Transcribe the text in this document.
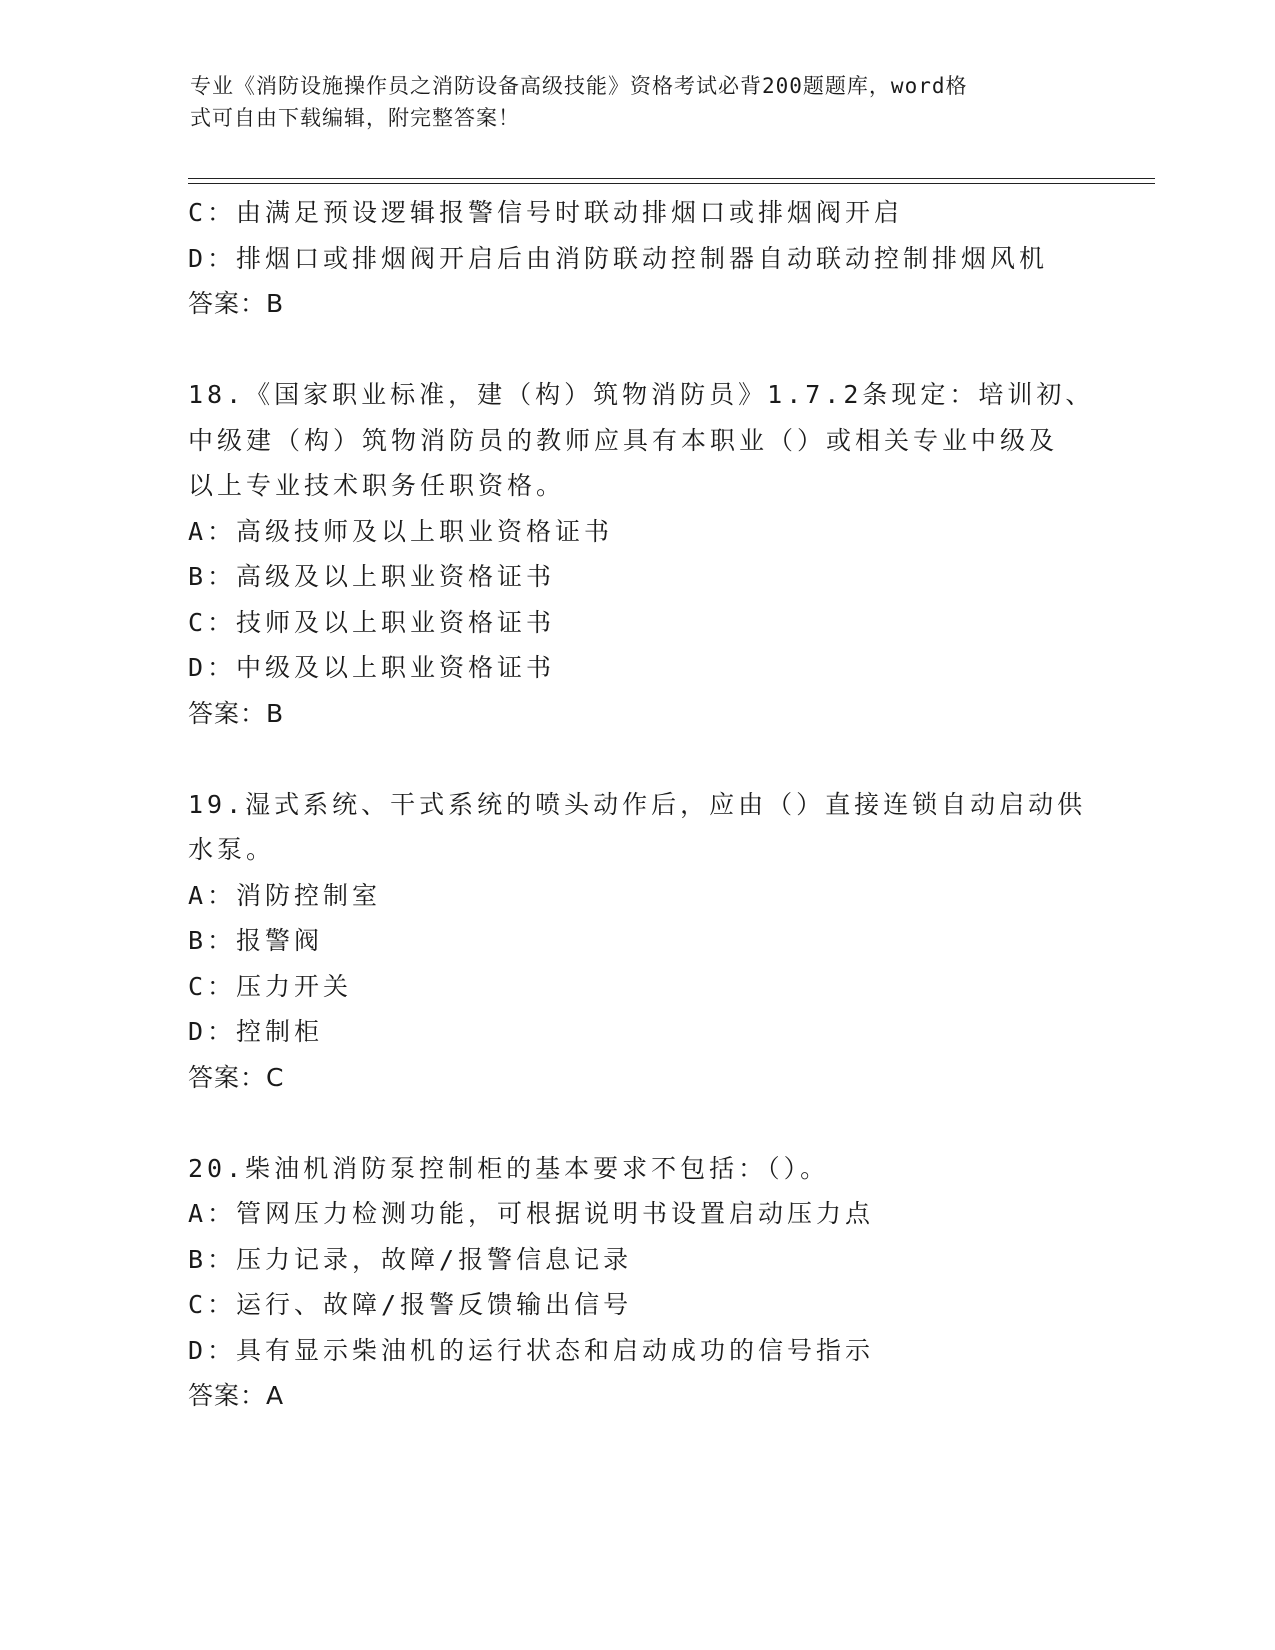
专业《消防设施操作员之消防设备高级技能》资格考试必背200题题库，word格
式可自由下载编辑，附完整答案！
C：由满足预设逻辑报警信号时联动排烟口或排烟阀开启
D：排烟口或排烟阀开启后由消防联动控制器自动联动控制排烟风机
答案：B
18.《国家职业标准，建（构）筑物消防员》1.7.2条现定：培训初、
中级建（构）筑物消防员的教师应具有本职业（）或相关专业中级及
以上专业技术职务任职资格。
A：高级技师及以上职业资格证书
B：高级及以上职业资格证书
C：技师及以上职业资格证书
D：中级及以上职业资格证书
答案：B
19.湿式系统、干式系统的喷头动作后，应由（）直接连锁自动启动供
水泵。
A：消防控制室
B：报警阀
C：压力开关
D：控制柜
答案：C
20.柴油机消防泵控制柜的基本要求不包括：（）。
A：管网压力检测功能，可根据说明书设置启动压力点
B：压力记录，故障/报警信息记录
C：运行、故障/报警反馈输出信号
D：具有显示柴油机的运行状态和启动成功的信号指示
答案：A
